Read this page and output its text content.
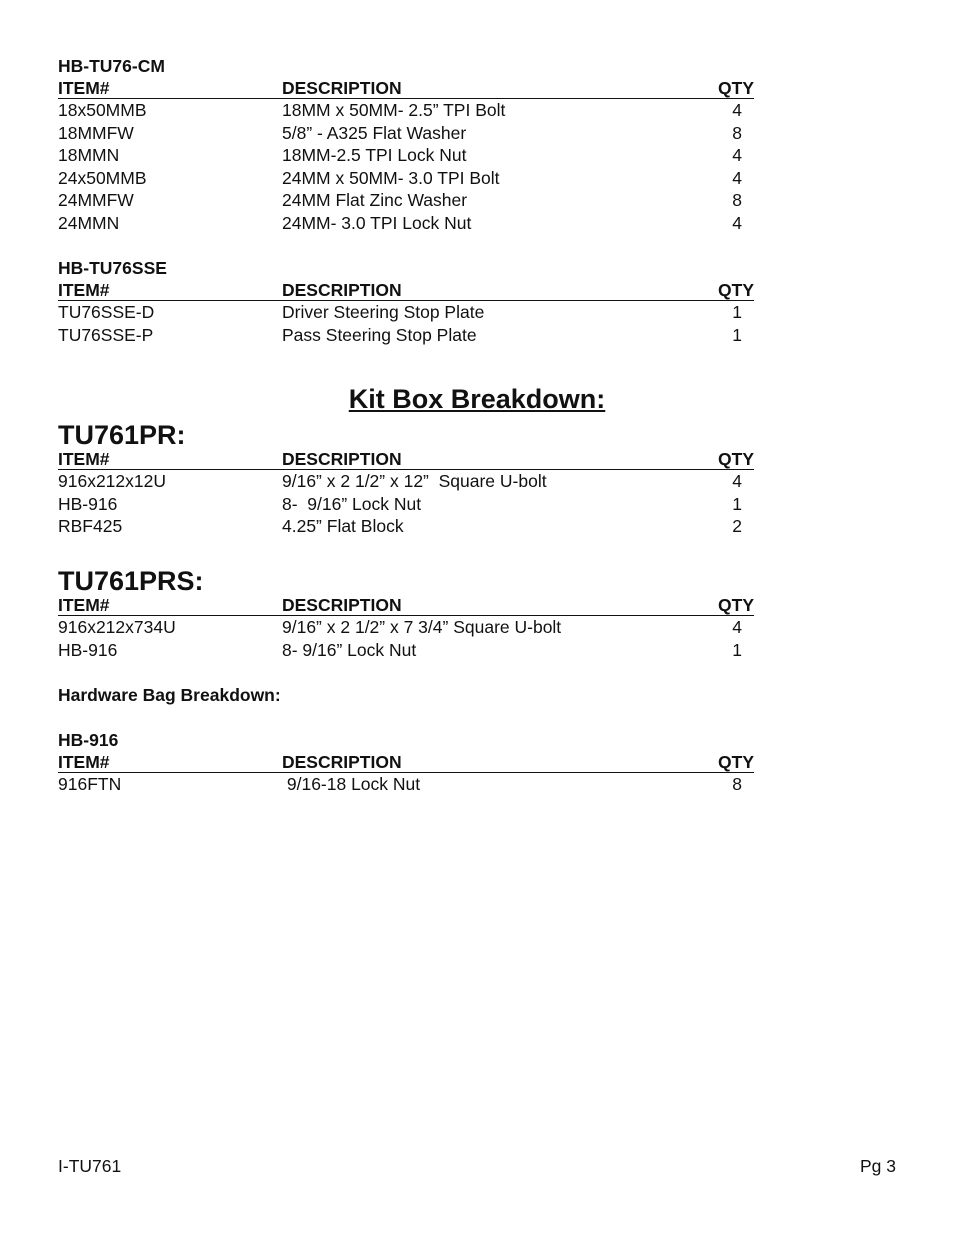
HB-TU76-CM
ITEM#	DESCRIPTION	QTY
18x50MMB	18MM x 50MM- 2.5” TPI Bolt	4
18MMFW	5/8” - A325 Flat Washer	8
18MMN	18MM-2.5 TPI Lock Nut	4
24x50MMB	24MM x 50MM- 3.0 TPI Bolt	4
24MMFW	24MM Flat Zinc Washer	8
24MMN	24MM- 3.0 TPI Lock Nut	4
HB-TU76SSE
ITEM#	DESCRIPTION	QTY
TU76SSE-D	Driver Steering Stop Plate	1
TU76SSE-P	Pass Steering Stop Plate	1
Kit Box Breakdown:
TU761PR:
ITEM#	DESCRIPTION	QTY
916x212x12U	9/16” x 2 1/2” x 12”  Square U-bolt	4
HB-916	8-  9/16” Lock Nut	1
RBF425	4.25” Flat Block	2
TU761PRS:
ITEM#	DESCRIPTION	QTY
916x212x734U	9/16” x 2 1/2” x 7 3/4” Square U-bolt	4
HB-916	8- 9/16” Lock Nut	1
Hardware Bag Breakdown:
HB-916
ITEM#	DESCRIPTION	QTY
916FTN	9/16-18 Lock Nut	8
I-TU761	Pg 3
